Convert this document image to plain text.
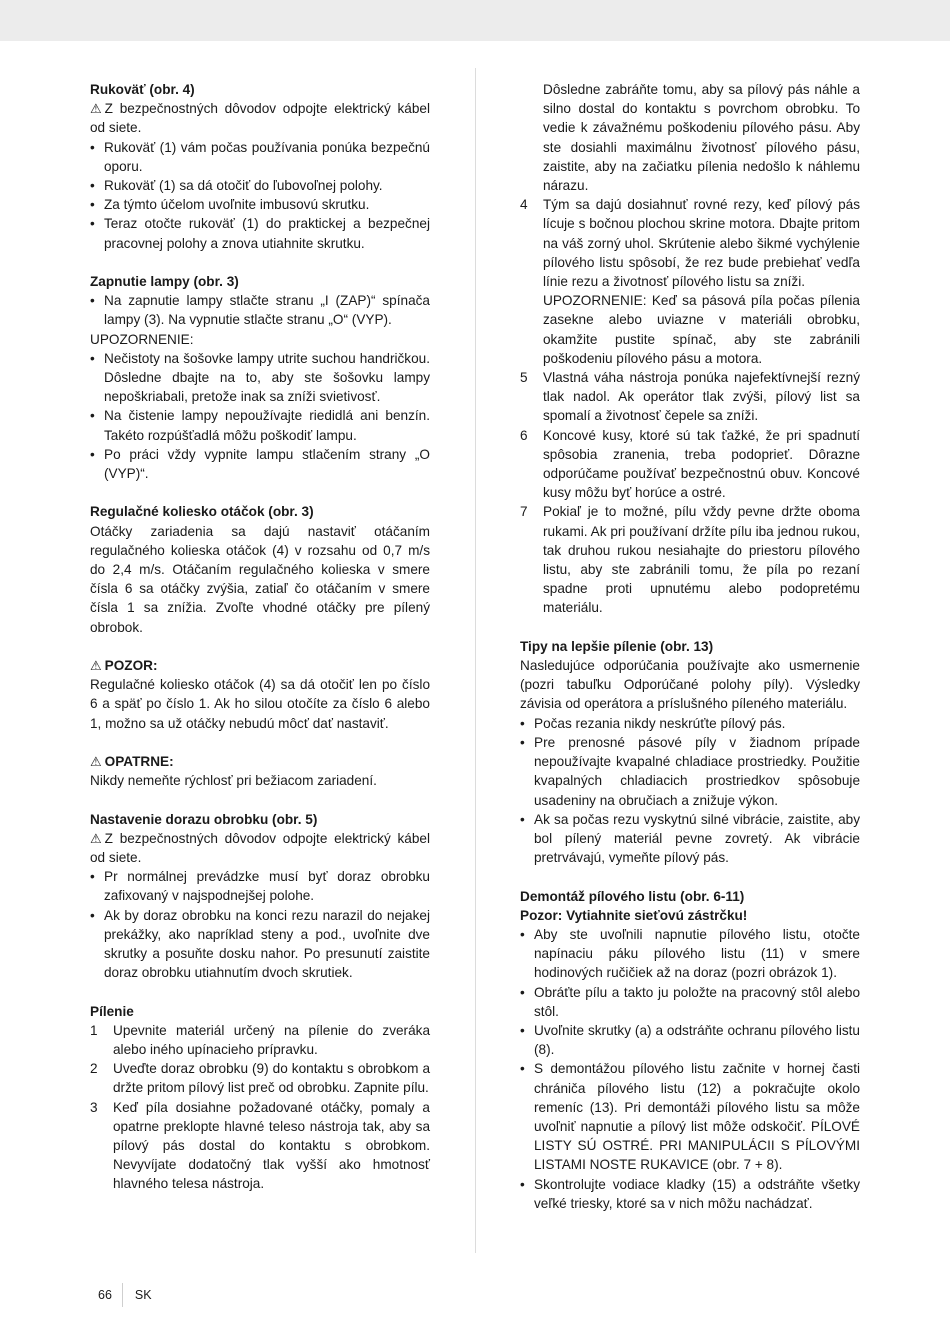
Rukoväť (obr. 4)

⚠ Z bezpečnostných dôvodov odpojte elektrický kábel od siete.

• Rukoväť (1) vám počas používania ponúka bezpečnú oporu.
• Rukoväť (1) sa dá otočiť do ľubovoľnej polohy.
• Za týmto účelom uvoľnite imbusovú skrutku.
• Teraz otočte rukoväť (1) do praktickej a bezpečnej pracovnej polohy a znova utiahnite skrutku.
Zapnutie lampy (obr. 3)
• Na zapnutie lampy stlačte stranu „I (ZAP)“ spínača lampy (3). Na vypnutie stlačte stranu „O“ (VYP).

UPOZORNENIE:

• Nečistoty na šošovke lampy utrite suchou handričkou. Dôsledne dbajte na to, aby ste šošovku lampy nepoškriabali, pretože inak sa zníži svietivosť.
• Na čistenie lampy nepoužívajte riedidlá ani benzín. Takéto rozpúšťadlá môžu poškodiť lampu.
• Po práci vždy vypnite lampu stlačením strany „O (VYP)“.
Regulačné koliesko otáčok (obr. 3)

Otáčky zariadenia sa dajú nastaviť otáčaním regulačného kolieska otáčok (4) v rozsahu od 0,7 m/s do 2,4 m/s. Otáčaním regulačného kolieska v smere čísla 6 sa otáčky zvýšia, zatiaľ čo otáčaním v smere čísla 1 sa znížia. Zvoľte vhodné otáčky pre pílený obrobok.

⚠ POZOR:

Regulačné koliesko otáčok (4) sa dá otočiť len po číslo 6 a späť po číslo 1. Ak ho silou otočíte za číslo 6 alebo 1, možno sa už otáčky nebudú môcť dať nastaviť.

⚠ OPATRNE:

Nikdy nemeňte rýchlosť pri bežiacom zariadení.

Nastavenie dorazu obrobku (obr. 5)

⚠ Z bezpečnostných dôvodov odpojte elektrický kábel od siete.

• Pr normálnej prevádzke musí byť doraz obrobku zafixovaný v najspodnejšej polohe.
• Ak by doraz obrobku na konci rezu narazil do nejakej prekážky, ako napríklad steny a pod., uvoľnite dve skrutky a posuňte dosku nahor. Po presunutí zaistite doraz obrobku utiahnutím dvoch skrutiek.
Pílenie
1 Upevnite materiál určený na pílenie do zveráka alebo iného upínacieho prípravku.
2 Uveďte doraz obrobku (9) do kontaktu s obrobkom a držte pritom pílový list preč od obrobku. Zapnite pílu.
3 Keď píla dosiahne požadované otáčky, pomaly a opatrne preklopte hlavné teleso nástroja tak, aby sa pílový pás dostal do kontaktu s obrobkom. Nevyvíjate dodatočný tlak vyšší ako hmotnosť hlavného telesa nástroja.

Dôsledne zabráňte tomu, aby sa pílový pás náhle a silno dostal do kontaktu s povrchom obrobku. To vedie k závažnému poškodeniu pílového pásu. Aby ste dosiahli maximálnu životnosť pílového pásu, zaistite, aby na začiatku pílenia nedošlo k náhlemu nárazu.

4 Tým sa dajú dosiahnuť rovné rezy, keď pílový pás lícuje s bočnou plochou skrine motora. Dbajte pritom na váš zorný uhol. Skrútenie alebo šikmé vychýlenie pílového listu spôsobí, že rez bude prebiehať vedľa línie rezu a životnosť pílového listu sa zníži.

UPOZORNENIE: Keď sa pásová píla počas pílenia zasekne alebo uviazne v materiáli obrobku, okamžite pustite spínač, aby ste zabránili poškodeniu pílového pásu a motora.

5 Vlastná váha nástroja ponúka najefektívnejší rezný tlak nadol. Ak operátor tlak zvýši, pílový list sa spomalí a životnosť čepele sa zníži.
6 Koncové kusy, ktoré sú tak ťažké, že pri spadnutí spôsobia zranenia, treba podoprieť. Dôrazne odporúčame používať bezpečnostnú obuv. Koncové kusy môžu byť horúce a ostré.
7 Pokiaľ je to možné, pílu vždy pevne držte oboma rukami. Ak pri používaní držíte pílu iba jednou rukou, tak druhou rukou nesiahajte do priestoru pílového listu, aby ste zabránili tomu, že píla po rezaní spadne proti upnutému alebo podopretému materiálu.
Tipy na lepšie pílenie (obr. 13)

Nasledujúce odporúčania používajte ako usmernenie (pozri tabuľku Odporúčané polohy píly). Výsledky závisia od operátora a príslušného píleného materiálu.

• Počas rezania nikdy neskrúťte pílový pás.
• Pre prenosné pásové píly v žiadnom prípade nepoužívajte kvapalné chladiace prostriedky. Použitie kvapalných chladiacich prostriedkov spôsobuje usadeniny na obručiach a znižuje výkon.
• Ak sa počas rezu vyskytnú silné vibrácie, zaistite, aby bol pílený materiál pevne zovretý. Ak vibrácie pretrvávajú, vymeňte pílový pás.
Demontáž pílového listu (obr. 6-11)
Pozor: Vytiahnite sieťovú zástrčku!
• Aby ste uvoľnili napnutie pílového listu, otočte napínaciu páku pílového listu (11) v smere hodinových ručičiek až na doraz (pozri obrázok 1).
• Obráťte pílu a takto ju položte na pracovný stôl alebo stôl.
• Uvoľnite skrutky (a) a odstráňte ochranu pílového listu (8).
• S demontážou pílového listu začnite v hornej časti chrániča pílového listu (12) a pokračujte okolo remeníc (13). Pri demontáži pílového listu sa môže uvoľniť napnutie a pílový list môže odskočiť. PÍLOVÉ LISTY SÚ OSTRÉ. PRI MANIPULÁCII S PÍLOVÝMI LISTAMI NOSTE RUKAVICE (obr. 7 + 8).
• Skontrolujte vodiace kladky (15) a odstráňte všetky veľké triesky, ktoré sa v nich môžu nachádzať.
66	SK
